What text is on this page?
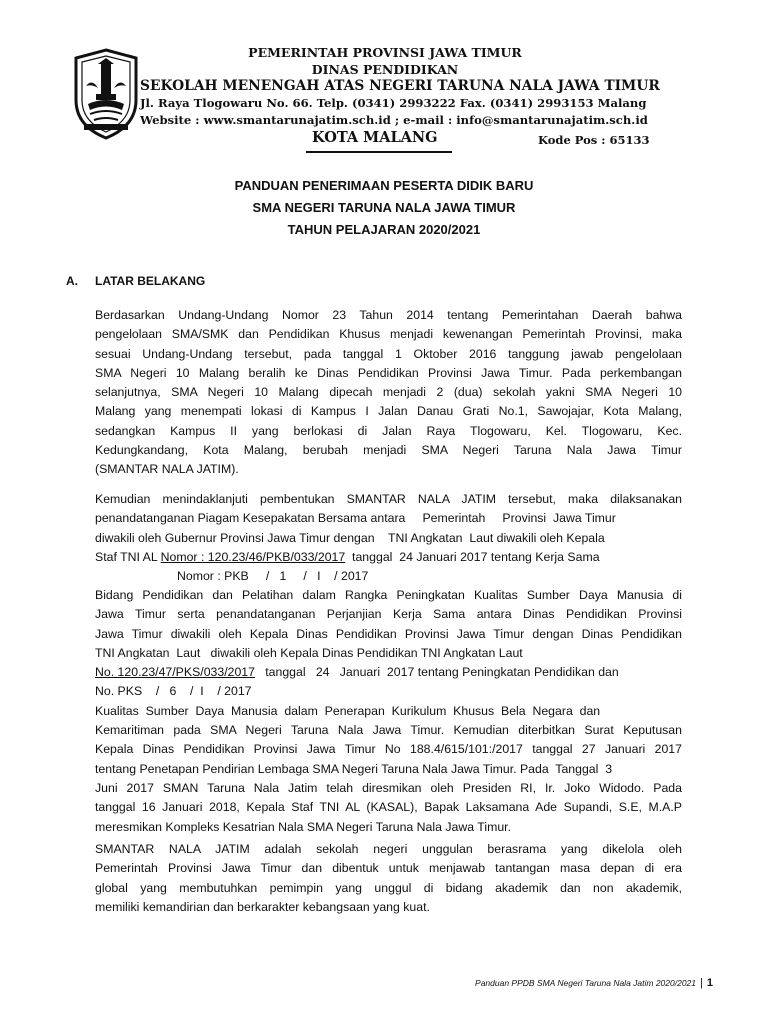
PEMERINTAH PROVINSI JAWA TIMUR
DINAS PENDIDIKAN
SEKOLAH MENENGAH ATAS NEGERI TARUNA NALA JAWA TIMUR
Jl. Raya Tlogowaru No. 66. Telp. (0341) 2993222 Fax. (0341) 2993153 Malang
Website : www.smantarunajatim.sch.id ; e-mail : info@smantarunajatim.sch.id
KOTA MALANG	Kode Pos : 65133
PANDUAN PENERIMAAN PESERTA DIDIK BARU
SMA NEGERI TARUNA NALA JAWA TIMUR
TAHUN PELAJARAN 2020/2021
A. LATAR BELAKANG
Berdasarkan Undang-Undang Nomor 23 Tahun 2014 tentang Pemerintahan Daerah bahwa
pengelolaan SMA/SMK dan Pendidikan Khusus menjadi kewenangan Pemerintah Provinsi, maka
sesuai Undang-Undang tersebut, pada tanggal 1 Oktober 2016 tanggung jawab pengelolaan
SMA Negeri 10 Malang beralih ke Dinas Pendidikan Provinsi Jawa Timur. Pada perkembangan
selanjutnya, SMA Negeri 10 Malang dipecah menjadi 2 (dua) sekolah yakni SMA Negeri 10
Malang yang menempati lokasi di Kampus I Jalan Danau Grati No.1, Sawojajar, Kota Malang,
sedangkan Kampus II yang berlokasi di Jalan Raya Tlogowaru, Kel. Tlogowaru, Kec.
Kedungkandang, Kota Malang, berubah menjadi SMA Negeri Taruna Nala Jawa Timur
(SMANTAR NALA JATIM).
Kemudian menindaklanjuti pembentukan SMANTAR NALA JATIM tersebut, maka dilaksanakan
penandatanganan Piagam Kesepakatan Bersama antara     Pemerintah     Provinsi  Jawa Timur
diwakili oleh Gubernur Provinsi Jawa Timur dengan    TNI Angkatan  Laut diwakili oleh Kepala
Staf TNI AL Nomor : 120.23/46/PKB/033/2017  tanggal  24 Januari 2017 tentang Kerja Sama
Nomor : PKB     /   1     /   I    / 2017
Bidang Pendidikan dan Pelatihan dalam Rangka Peningkatan Kualitas Sumber Daya Manusia di
Jawa Timur serta penandatanganan Perjanjian Kerja Sama antara Dinas Pendidikan Provinsi
Jawa Timur diwakili oleh Kepala Dinas Pendidikan Provinsi Jawa Timur dengan Dinas Pendidikan
TNI Angkatan  Laut   diwakili oleh Kepala Dinas Pendidikan TNI Angkatan Laut
No. 120.23/47/PKS/033/2017   tanggal   24   Januari  2017 tentang Peningkatan Pendidikan dan
No. PKS    /   6    /  I    / 2017
Kualitas  Sumber  Daya  Manusia  dalam  Penerapan  Kurikulum  Khusus  Bela  Negara  dan
Kemaritiman pada SMA Negeri Taruna Nala Jawa Timur. Kemudian diterbitkan Surat Keputusan
Kepala Dinas Pendidikan Provinsi Jawa Timur No 188.4/615/101:/2017 tanggal 27 Januari 2017
tentang Penetapan Pendirian Lembaga SMA Negeri Taruna Nala Jawa Timur. Pada  Tanggal  3
Juni 2017 SMAN Taruna Nala Jatim telah diresmikan oleh Presiden RI, Ir. Joko Widodo. Pada
tanggal 16 Januari 2018, Kepala Staf TNI AL (KASAL), Bapak Laksamana Ade Supandi, S.E, M.A.P
meresmikan Kompleks Kesatrian Nala SMA Negeri Taruna Nala Jawa Timur.
SMANTAR NALA JATIM adalah sekolah negeri unggulan berasrama yang dikelola oleh
Pemerintah Provinsi Jawa Timur dan dibentuk untuk menjawab tantangan masa depan di era
global yang membutuhkan pemimpin yang unggul di bidang akademik dan non akademik,
memiliki kemandirian dan berkarakter kebangsaan yang kuat.
Panduan PPDB SMA Negeri Taruna Nala Jatim 2020/2021 | 1
